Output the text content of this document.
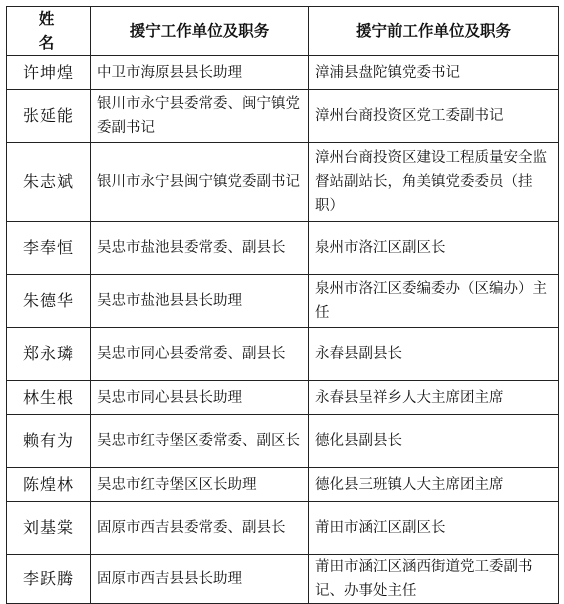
姓　名	援宁工作单位及职务	援宁前工作单位及职务
许坤煌	中卫市海原县县长助理	漳浦县盘陀镇党委书记
张延能	银川市永宁县委常委、闽宁镇党委副书记	漳州台商投资区党工委副书记
朱志斌	银川市永宁县闽宁镇党委副书记	漳州台商投资区建设工程质量安全监督站副站长，角美镇党委委员（挂职）
李奉恒	吴忠市盐池县委常委、副县长	泉州市洛江区副区长
朱德华	吴忠市盐池县县长助理	泉州市洛江区委编委办（区编办）主任
郑永璘	吴忠市同心县委常委、副县长	永春县副县长
林生根	吴忠市同心县县长助理	永春县呈祥乡人大主席团主席
赖有为	吴忠市红寺堡区委常委、副区长	德化县副县长
陈煌林	吴忠市红寺堡区区长助理	德化县三班镇人大主席团主席
刘基棠	固原市西吉县委常委、副县长	莆田市涵江区副区长
李跃腾	固原市西吉县县长助理	莆田市涵江区涵西街道党工委副书记、办事处主任
